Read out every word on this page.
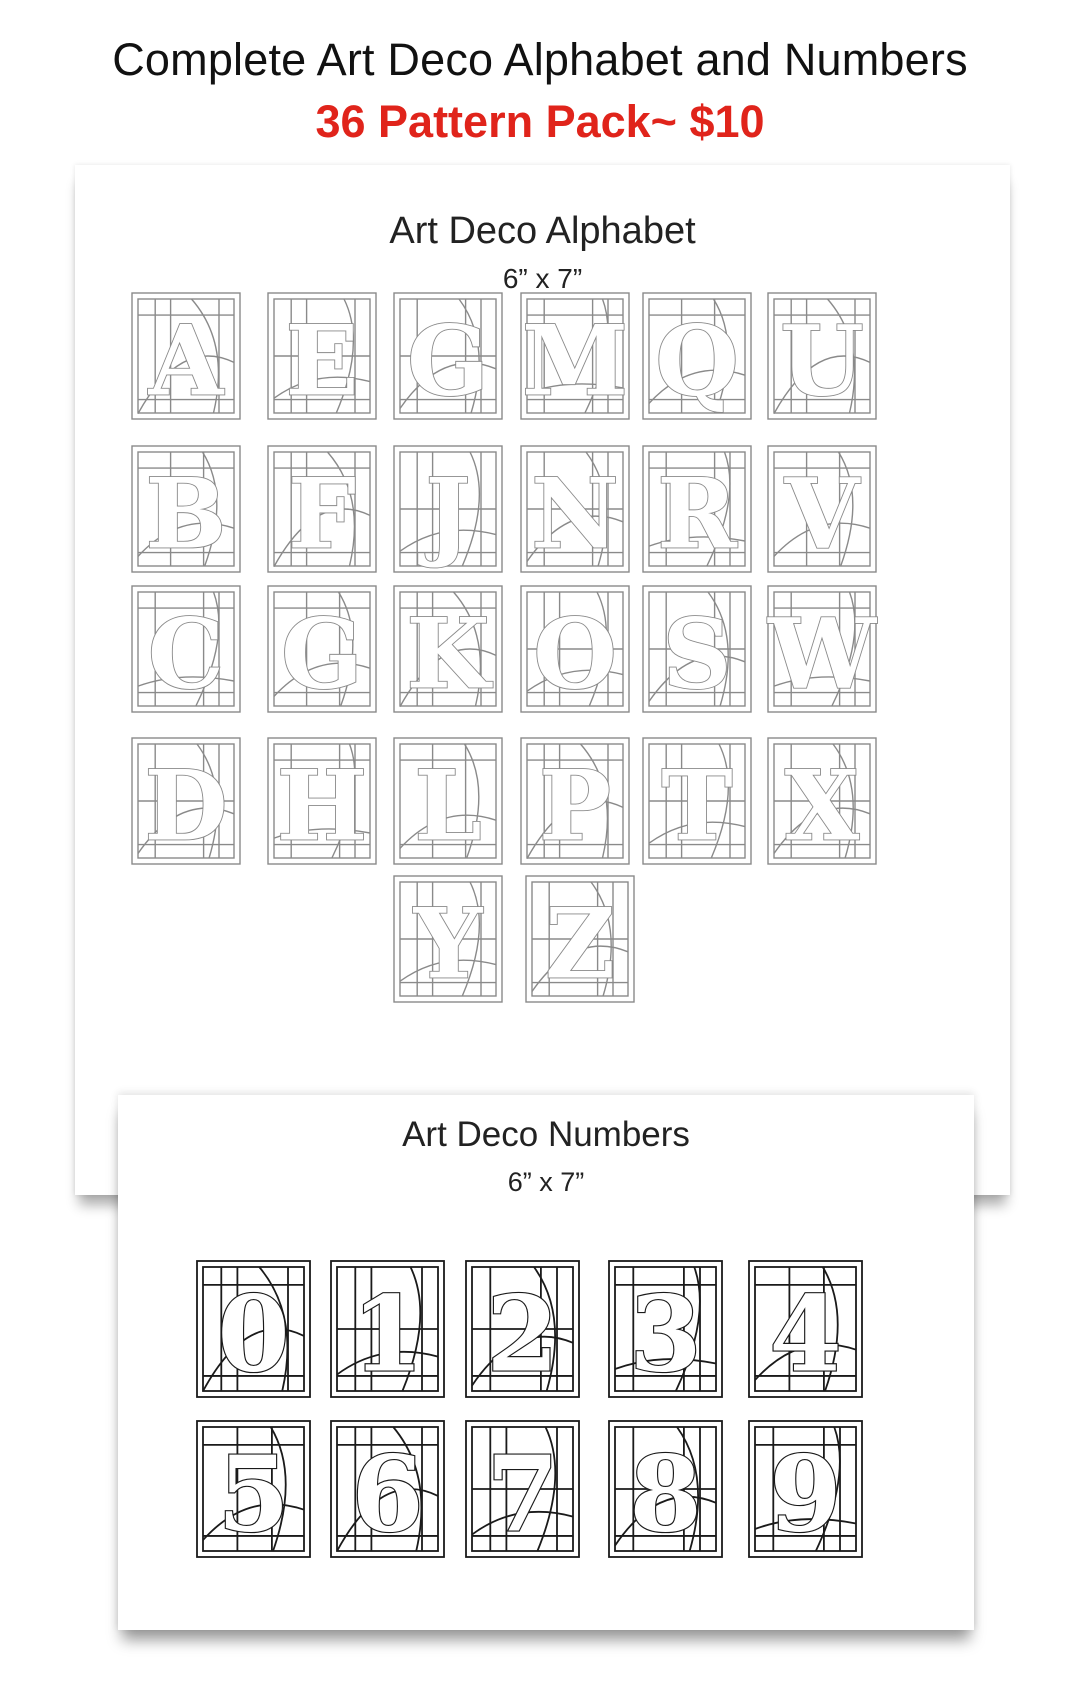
Complete Art Deco Alphabet and Numbers
36 Pattern Pack~ $10
Art Deco Alphabet
6” x 7”
A E G M Q U
B F J N R V
C G K O S W
D H L P T X
Y Z
Art Deco Numbers
6” x 7”
0 1 2 3 4
5 6 7 8 9
